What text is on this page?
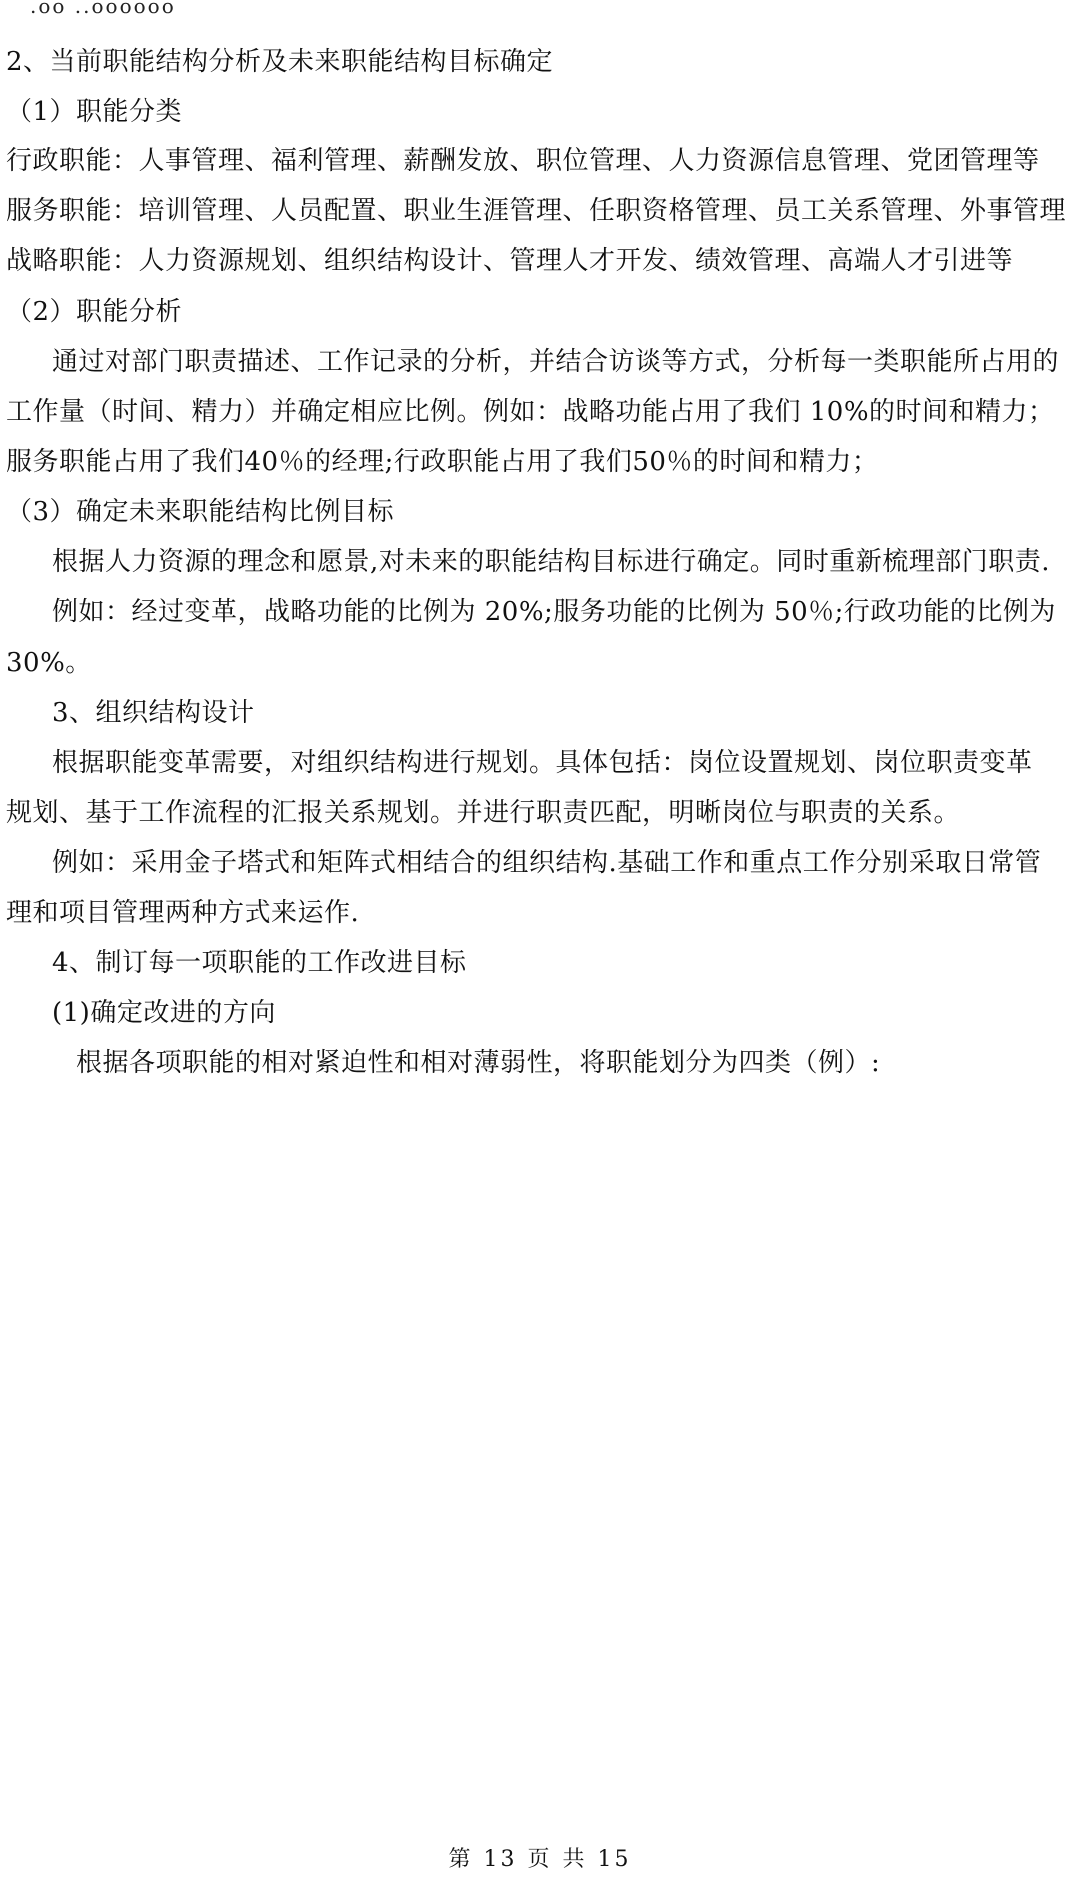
.oo ..oooooo
2、当前职能结构分析及未来职能结构目标确定
（1）职能分类
行政职能：人事管理、福利管理、薪酬发放、职位管理、人力资源信息管理、党团管理等
服务职能：培训管理、人员配置、职业生涯管理、任职资格管理、员工关系管理、外事管理
战略职能：人力资源规划、组织结构设计、管理人才开发、绩效管理、高端人才引进等
（2）职能分析
通过对部门职责描述、工作记录的分析，并结合访谈等方式，分析每一类职能所占用的
工作量（时间、精力）并确定相应比例。例如：战略功能占用了我们 10%的时间和精力；
服务职能占用了我们40％的经理;行政职能占用了我们50％的时间和精力；
（3）确定未来职能结构比例目标
根据人力资源的理念和愿景,对未来的职能结构目标进行确定。同时重新梳理部门职责.
例如：经过变革，战略功能的比例为 20%;服务功能的比例为 50％;行政功能的比例为
30%。
3、组织结构设计
根据职能变革需要，对组织结构进行规划。具体包括：岗位设置规划、岗位职责变革
规划、基于工作流程的汇报关系规划。并进行职责匹配，明晰岗位与职责的关系。
例如：采用金子塔式和矩阵式相结合的组织结构.基础工作和重点工作分别采取日常管
理和项目管理两种方式来运作.
4、制订每一项职能的工作改进目标
(1)确定改进的方向
根据各项职能的相对紧迫性和相对薄弱性，将职能划分为四类（例）:
第 13 页 共 15
